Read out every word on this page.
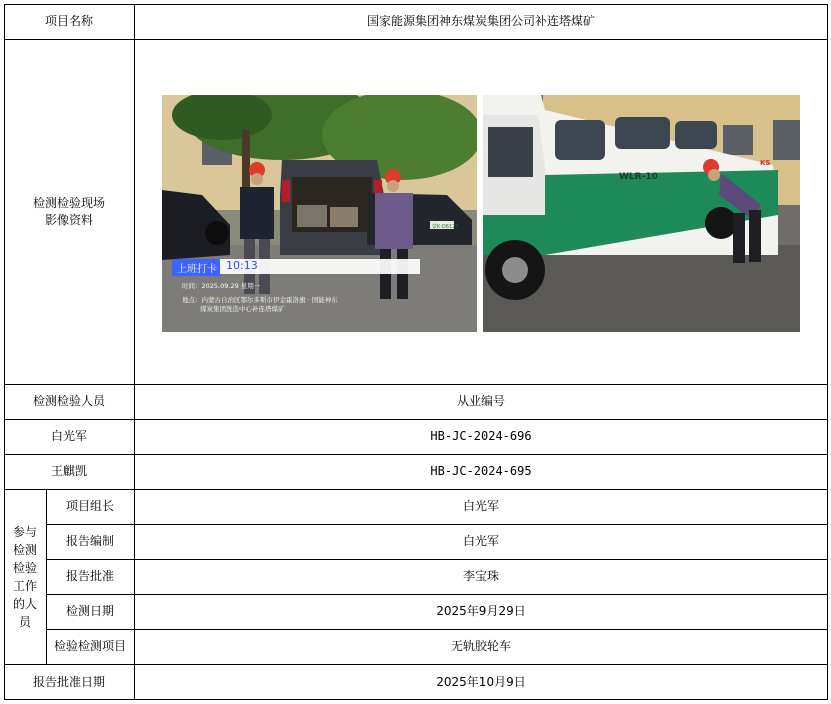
项目名称	国家能源集团神东煤炭集团公司补连塔煤矿
检测检验现场
影像资料
蒙K·D6127
上班打卡 10:13
时间：2025.09.29 星期一
地点：内蒙古自治区鄂尔多斯市伊金霍洛旗 · 国能神东
煤炭集团洗选中心补连塔煤矿
WLR-10
KS
检测检验人员	从业编号
白光军	HB-JC-2024-696
王麒凯	HB-JC-2024-695
参与
检测
检验
工作
的人
员
项目组长	白光军
报告编制	白光军
报告批准	李宝珠
检测日期	2025年9月29日
检验检测项目	无轨胶轮车
报告批准日期	2025年10月9日
